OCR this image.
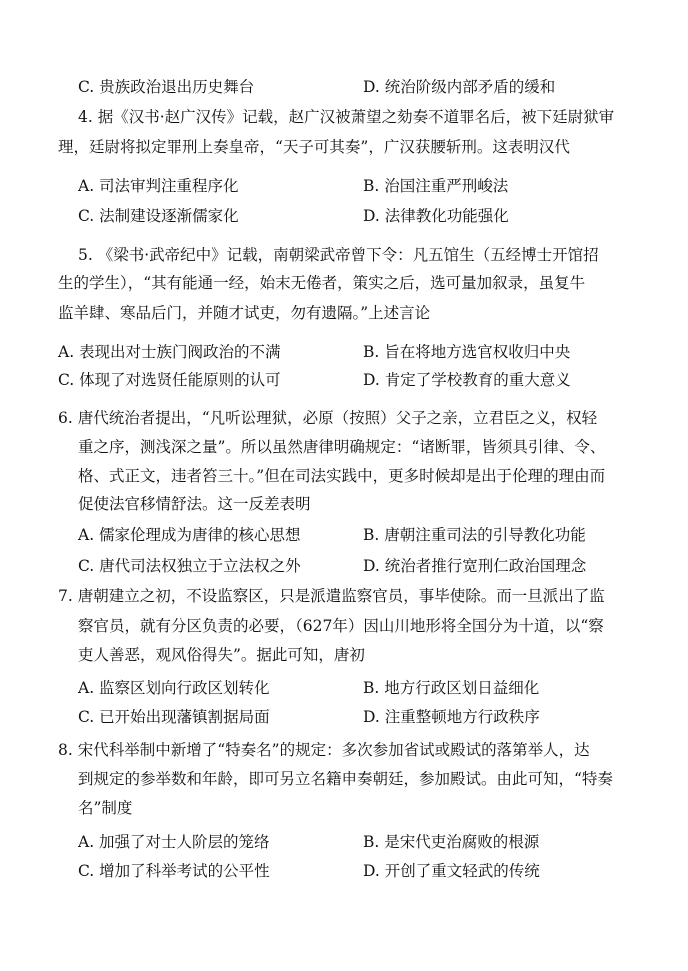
C. 贵族政治退出历史舞台	D. 统治阶级内部矛盾的缓和
4. 据《汉书·赵广汉传》记载，赵广汉被萧望之劾奏不道罪名后，被下廷尉狱审
理，廷尉将拟定罪刑上奏皇帝，“天子可其奏”，广汉获腰斩刑。这表明汉代
A. 司法审判注重程序化	B. 治国注重严刑峻法
C. 法制建设逐渐儒家化	D. 法律教化功能强化
5. 《梁书·武帝纪中》记载，南朝梁武帝曾下令：凡五馆生（五经博士开馆招
生的学生），“其有能通一经，始末无倦者，策实之后，选可量加叙录，虽复牛
监羊肆、寒品后门，并随才试吏，勿有遗隔。”上述言论
A. 表现出对士族门阀政治的不满	B. 旨在将地方选官权收归中央
C. 体现了对选贤任能原则的认可	D. 肯定了学校教育的重大意义
6. 唐代统治者提出，“凡听讼理狱，必原（按照）父子之亲，立君臣之义，权轻
重之序，测浅深之量”。所以虽然唐律明确规定：“诸断罪，皆须具引律、令、
格、式正文，违者笞三十。”但在司法实践中，更多时候却是出于伦理的理由而
促使法官移情舒法。这一反差表明
A. 儒家伦理成为唐律的核心思想	B. 唐朝注重司法的引导教化功能
C. 唐代司法权独立于立法权之外	D. 统治者推行宽刑仁政治国理念
7. 唐朝建立之初，不设监察区，只是派遣监察官员，事毕使除。而一旦派出了监
察官员，就有分区负责的必要，（627年）因山川地形将全国分为十道，以“察
吏人善恶，观风俗得失”。据此可知，唐初
A. 监察区划向行政区划转化	B. 地方行政区划日益细化
C. 已开始出现藩镇割据局面	D. 注重整顿地方行政秩序
8. 宋代科举制中新增了“特奏名”的规定：多次参加省试或殿试的落第举人，达
到规定的参举数和年龄，即可另立名籍申奏朝廷，参加殿试。由此可知，“特奏
名”制度
A. 加强了对士人阶层的笼络	B. 是宋代吏治腐败的根源
C. 增加了科举考试的公平性	D. 开创了重文轻武的传统
